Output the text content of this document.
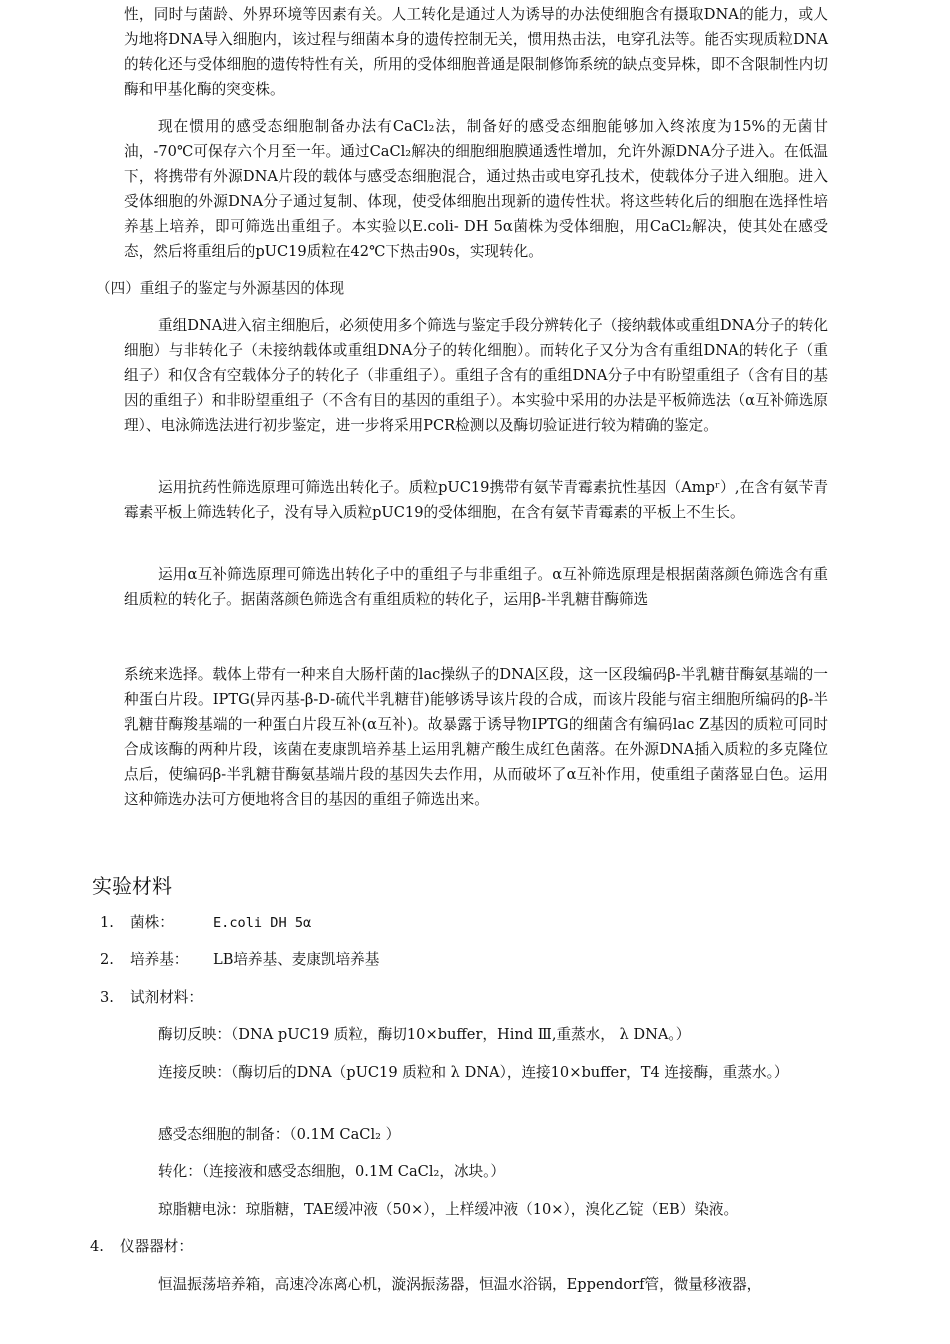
性，同时与菌龄、外界环境等因素有关。人工转化是通过人为诱导的办法使细胞含有摄取DNA的能力，或人为地将DNA导入细胞内，该过程与细菌本身的遗传控制无关，惯用热击法，电穿孔法等。能否实现质粒DNA的转化还与受体细胞的遗传特性有关，所用的受体细胞普通是限制修饰系统的缺点变异株，即不含限制性内切酶和甲基化酶的突变株。

现在惯用的感受态细胞制备办法有CaCl₂法，制备好的感受态细胞能够加入终浓度为15%的无菌甘油，-70℃可保存六个月至一年。通过CaCl₂解决的细胞细胞膜通透性增加，允许外源DNA分子进入。在低温下，将携带有外源DNA片段的载体与感受态细胞混合，通过热击或电穿孔技术，使载体分子进入细胞。进入受体细胞的外源DNA分子通过复制、体现，使受体细胞出现新的遗传性状。将这些转化后的细胞在选择性培养基上培养，即可筛选出重组子。本实验以E.coli- DH 5α菌株为受体细胞，用CaCl₂解决，使其处在感受态，然后将重组后的pUC19质粒在42℃下热击90s，实现转化。

（四）重组子的鉴定与外源基因的体现

重组DNA进入宿主细胞后，必须使用多个筛选与鉴定手段分辨转化子（接纳载体或重组DNA分子的转化细胞）与非转化子（未接纳载体或重组DNA分子的转化细胞）。而转化子又分为含有重组DNA的转化子（重组子）和仅含有空载体分子的转化子（非重组子）。重组子含有的重组DNA分子中有盼望重组子（含有目的基因的重组子）和非盼望重组子（不含有目的基因的重组子）。本实验中采用的办法是平板筛选法（α互补筛选原理）、电泳筛选法进行初步鉴定，进一步将采用PCR检测以及酶切验证进行较为精确的鉴定。

运用抗药性筛选原理可筛选出转化子。质粒pUC19携带有氨苄青霉素抗性基因（Ampʳ）,在含有氨苄青霉素平板上筛选转化子，没有导入质粒pUC19的受体细胞，在含有氨苄青霉素的平板上不生长。

运用α互补筛选原理可筛选出转化子中的重组子与非重组子。α互补筛选原理是根据菌落颜色筛选含有重组质粒的转化子。据菌落颜色筛选含有重组质粒的转化子，运用β-半乳糖苷酶筛选

系统来选择。载体上带有一种来自大肠杆菌的lac操纵子的DNA区段，这一区段编码β-半乳糖苷酶氨基端的一种蛋白片段。IPTG(异丙基-β-D-硫代半乳糖苷)能够诱导该片段的合成，而该片段能与宿主细胞所编码的β-半乳糖苷酶羧基端的一种蛋白片段互补(α互补)。故暴露于诱导物IPTG的细菌含有编码lac Z基因的质粒可同时合成该酶的两种片段，该菌在麦康凯培养基上运用乳糖产酸生成红色菌落。在外源DNA插入质粒的多克隆位点后，使编码β-半乳糖苷酶氨基端片段的基因失去作用，从而破坏了α互补作用，使重组子菌落显白色。运用这种筛选办法可方便地将含目的基因的重组子筛选出来。

实验材料
1. 菌株：	E.coli DH 5α
2. 培养基： LB培养基、麦康凯培养基
3. 试剂材料：

酶切反映：（DNA pUC19 质粒，酶切10×buffer，Hind Ⅲ,重蒸水， λ DNA。）

连接反映：（酶切后的DNA（pUC19 质粒和 λ DNA），连接10×buffer，T4 连接酶，重蒸水。）

感受态细胞的制备：（0.1M CaCl₂ ）

转化：（连接液和感受态细胞，0.1M CaCl₂，冰块。）

琼脂糖电泳：琼脂糖，TAE缓冲液（50×），上样缓冲液（10×），溴化乙锭（EB）染液。

4. 仪器器材：

恒温振荡培养箱，高速冷冻离心机，漩涡振荡器，恒温水浴锅，Eppendorf管，微量移液器，
